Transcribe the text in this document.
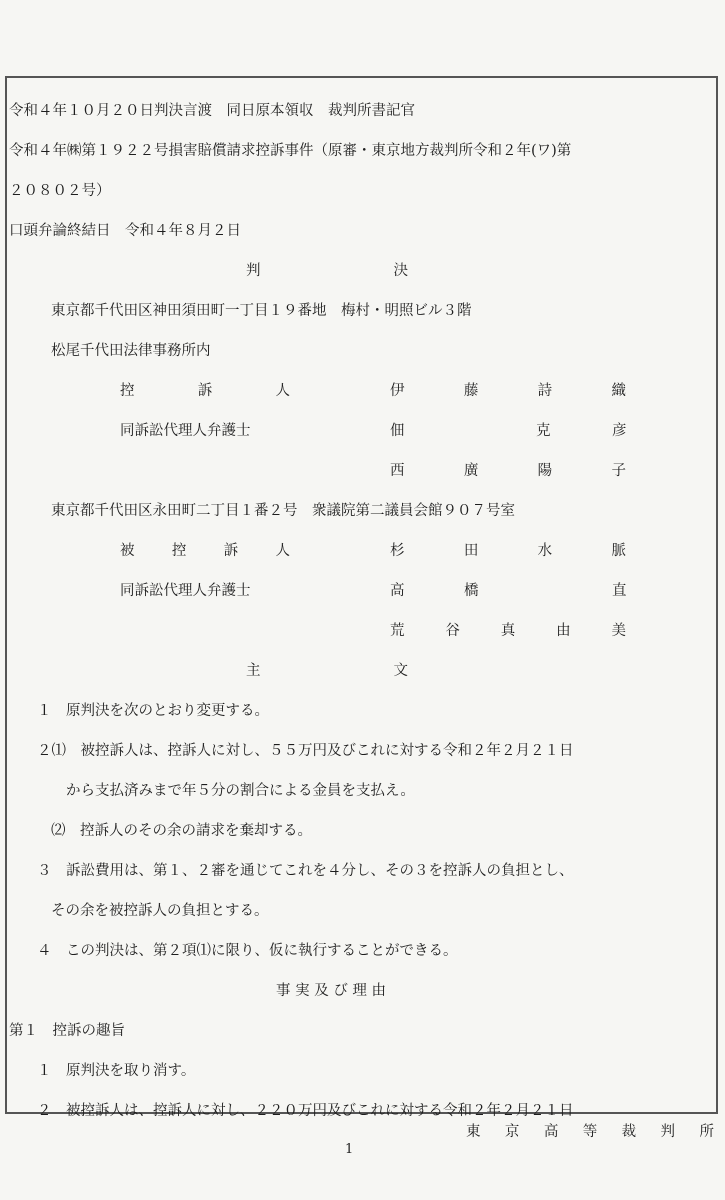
令和４年１０月２０日判決言渡　同日原本領収　裁判所書記官
令和４年㈱第１９２２号損害賠償請求控訴事件（原審・東京地方裁判所令和２年(ワ)第
２０８０２号）
口頭弁論終結日　令和４年８月２日
判	決
東京都千代田区神田須田町一丁目１９番地　梅村・明照ビル３階
松尾千代田法律事務所内
控	訴	人	伊	藤	詩	織
同訴訟代理人弁護士	佃	克	彦
西	廣	陽	子
東京都千代田区永田町二丁目１番２号　衆議院第二議員会館９０７号室
被	控	訴	人	杉	田	水	脈
同訴訟代理人弁護士	高	橋	直
荒	谷	真	由	美
主	文
１　原判決を次のとおり変更する。
２⑴　被控訴人は、控訴人に対し、５５万円及びこれに対する令和２年２月２１日
から支払済みまで年５分の割合による金員を支払え。
⑵　控訴人のその余の請求を棄却する。
３　訴訟費用は、第１、２審を通じてこれを４分し、その３を控訴人の負担とし、
その余を被控訴人の負担とする。
４　この判決は、第２項⑴に限り、仮に執行することができる。
事 実 及 び 理 由
第１　控訴の趣旨
１　原判決を取り消す。
２　被控訴人は、控訴人に対し、２２０万円及びこれに対する令和２年２月２１日
東 京 高 等 裁 判 所
1
